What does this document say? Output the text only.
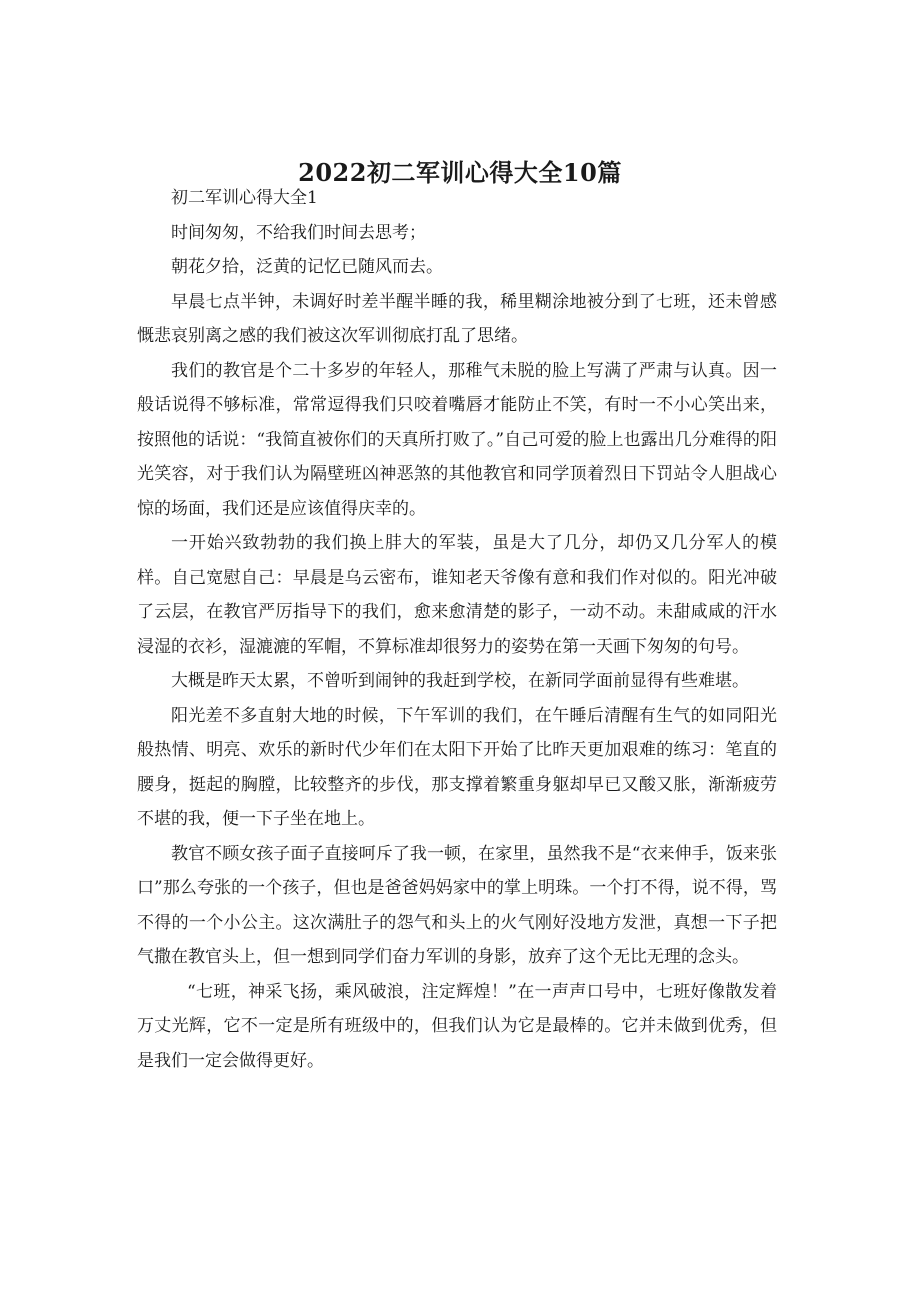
2022初二军训心得大全10篇

初二军训心得大全1

时间匆匆，不给我们时间去思考；

朝花夕拾，泛黄的记忆已随风而去。

早晨七点半钟，未调好时差半醒半睡的我，稀里糊涂地被分到了七班，还未曾感慨悲哀别离之感的我们被这次军训彻底打乱了思绪。

我们的教官是个二十多岁的年轻人，那稚气未脱的脸上写满了严肃与认真。因一般话说得不够标准，常常逗得我们只咬着嘴唇才能防止不笑，有时一不小心笑出来，按照他的话说：“我简直被你们的天真所打败了。”自己可爱的脸上也露出几分难得的阳光笑容，对于我们认为隔壁班凶神恶煞的其他教官和同学顶着烈日下罚站令人胆战心惊的场面，我们还是应该值得庆幸的。

一开始兴致勃勃的我们换上肨大的军装，虽是大了几分，却仍又几分军人的模样。自己宽慰自己：早晨是乌云密布，谁知老天爷像有意和我们作对似的。阳光冲破了云层，在教官严厉指导下的我们，愈来愈清楚的影子，一动不动。未甜咸咸的汗水浸湿的衣衫，湿漉漉的军帽，不算标准却很努力的姿势在第一天画下匆匆的句号。

大概是昨天太累，不曾听到闹钟的我赶到学校，在新同学面前显得有些难堪。

阳光差不多直射大地的时候，下午军训的我们，在午睡后清醒有生气的如同阳光般热情、明亮、欢乐的新时代少年们在太阳下开始了比昨天更加艰难的练习：笔直的腰身，挺起的胸膛，比较整齐的步伐，那支撑着繁重身躯却早已又酸又胀，渐渐疲劳不堪的我，便一下子坐在地上。

教官不顾女孩子面子直接呵斥了我一顿，在家里，虽然我不是“衣来伸手，饭来张口”那么夸张的一个孩子，但也是爸爸妈妈家中的掌上明珠。一个打不得，说不得，骂不得的一个小公主。这次满肚子的怨气和头上的火气刚好没地方发泄，真想一下子把气撒在教官头上，但一想到同学们奋力军训的身影，放弃了这个无比无理的念头。

“七班，神采飞扬，乘风破浪，注定辉煌！”在一声声口号中，七班好像散发着万丈光辉，它不一定是所有班级中的，但我们认为它是最棒的。它并未做到优秀，但是我们一定会做得更好。
